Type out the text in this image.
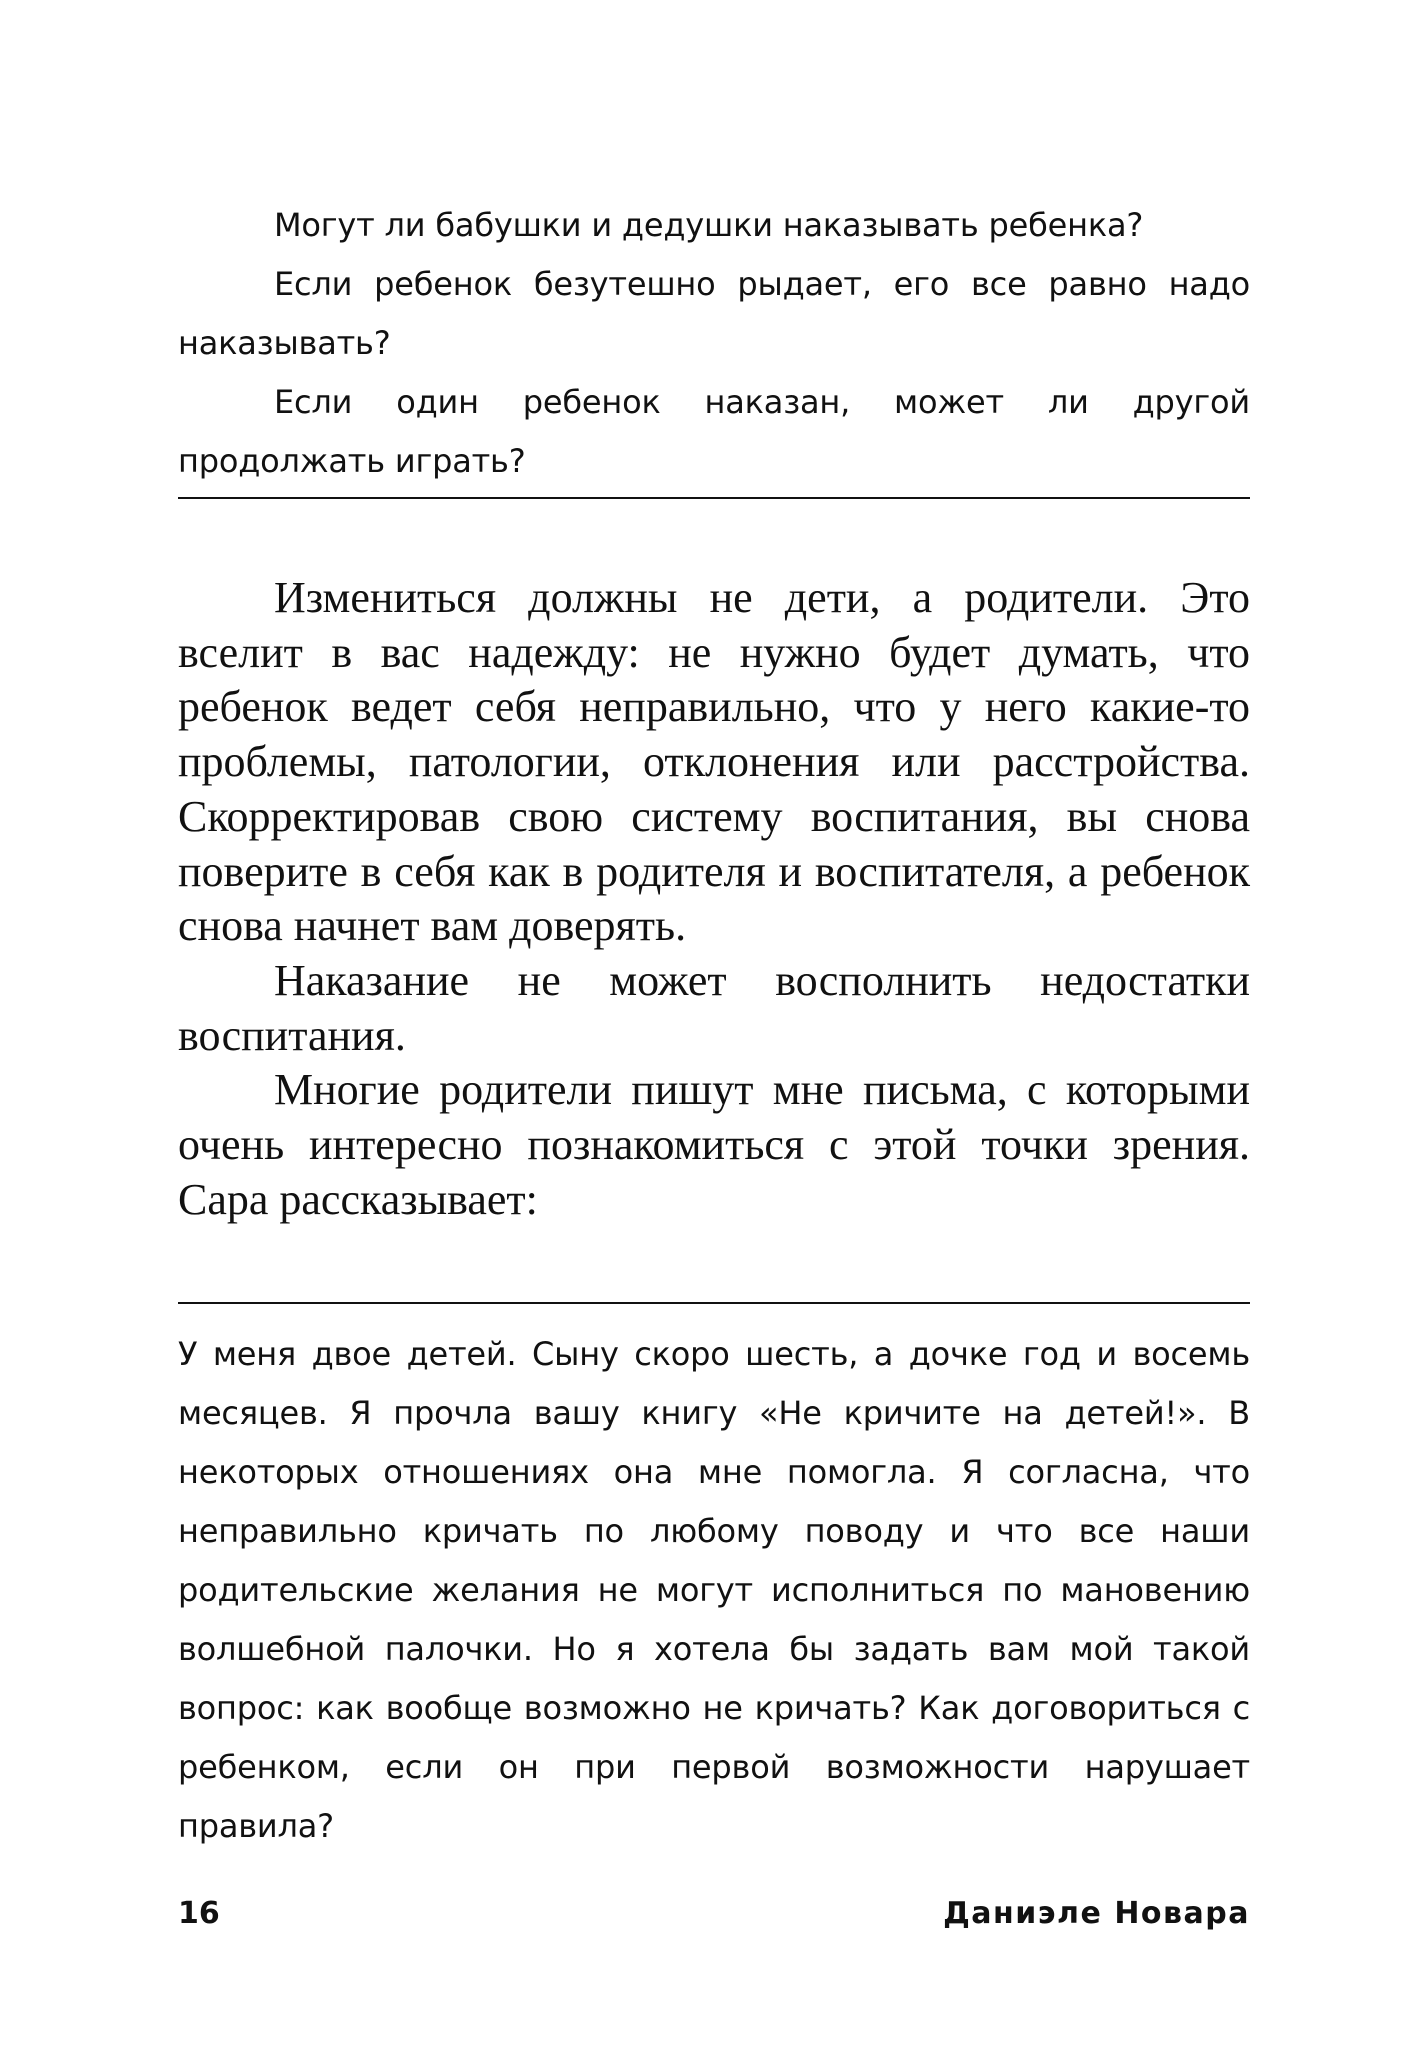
Могут ли бабушки и дедушки наказывать ребенка?

Если ребенок безутешно рыдает, его все равно надо наказывать?

Если один ребенок наказан, может ли другой продолжать играть?

Измениться должны не дети, а родители. Это вселит в вас надежду: не нужно будет думать, что ребенок ведет себя неправильно, что у него какие-то проблемы, патологии, отклонения или расстройства. Скорректировав свою систему воспитания, вы снова поверите в себя как в родителя и воспитателя, а ребенок снова начнет вам доверять.

Наказание не может восполнить недостатки воспитания.

Многие родители пишут мне письма, с которыми очень интересно познакомиться с этой точки зрения. Сара рассказывает:

У меня двое детей. Сыну скоро шесть, а дочке год и восемь месяцев. Я прочла вашу книгу «Не кричите на детей!». В некоторых отношениях она мне помогла. Я согласна, что неправильно кричать по любому поводу и что все наши родительские желания не могут исполниться по мановению волшебной палочки. Но я хотела бы задать вам мой такой вопрос: как вообще возможно не кричать? Как договориться с ребенком, если он при первой возможности нарушает правила?

16	Даниэле Новара
